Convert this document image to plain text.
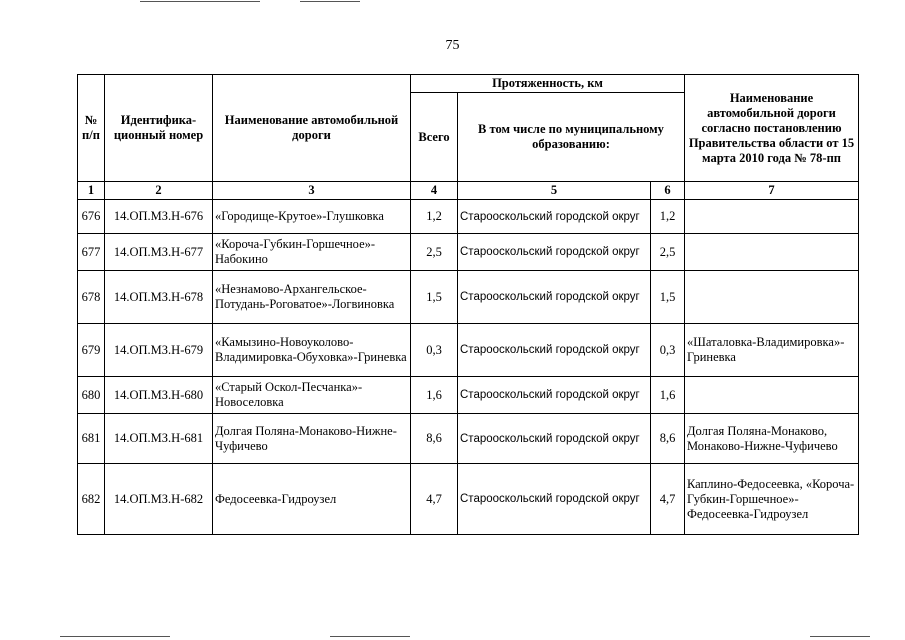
75
№ п/п	Идентифика-ционный номер	Наименование автомобильной дороги	Протяженность, км			Наименование автомобильной дороги согласно постановлению Правительства области от 15 марта 2010 года № 78-пп
			Всего	В том числе по муниципальному образованию:		
1	2	3	4	5	6	7
676	14.ОП.МЗ.Н-676	«Городище-Крутое»-Глушковка	1,2	Старооскольский городской округ	1,2	
677	14.ОП.МЗ.Н-677	«Короча-Губкин-Горшечное»-Набокино	2,5	Старооскольский городской округ	2,5	
678	14.ОП.МЗ.Н-678	«Незнамово-Архангельское-Потудань-Роговатое»-Логвиновка	1,5	Старооскольский городской округ	1,5	
679	14.ОП.МЗ.Н-679	«Камызино-Новоуколово-Владимировка-Обуховка»-Гриневка	0,3	Старооскольский городской округ	0,3	«Шаталовка-Владимировка»-Гриневка
680	14.ОП.МЗ.Н-680	«Старый Оскол-Песчанка»-Новоселовка	1,6	Старооскольский городской округ	1,6	
681	14.ОП.МЗ.Н-681	Долгая Поляна-Монаково-Нижне-Чуфичево	8,6	Старооскольский городской округ	8,6	Долгая Поляна-Монаково, Монаково-Нижне-Чуфичево
682	14.ОП.МЗ.Н-682	Федосеевка-Гидроузел	4,7	Старооскольский городской округ	4,7	Каплино-Федосеевка, «Короча-Губкин-Горшечное»-Федосеевка-Гидроузел
